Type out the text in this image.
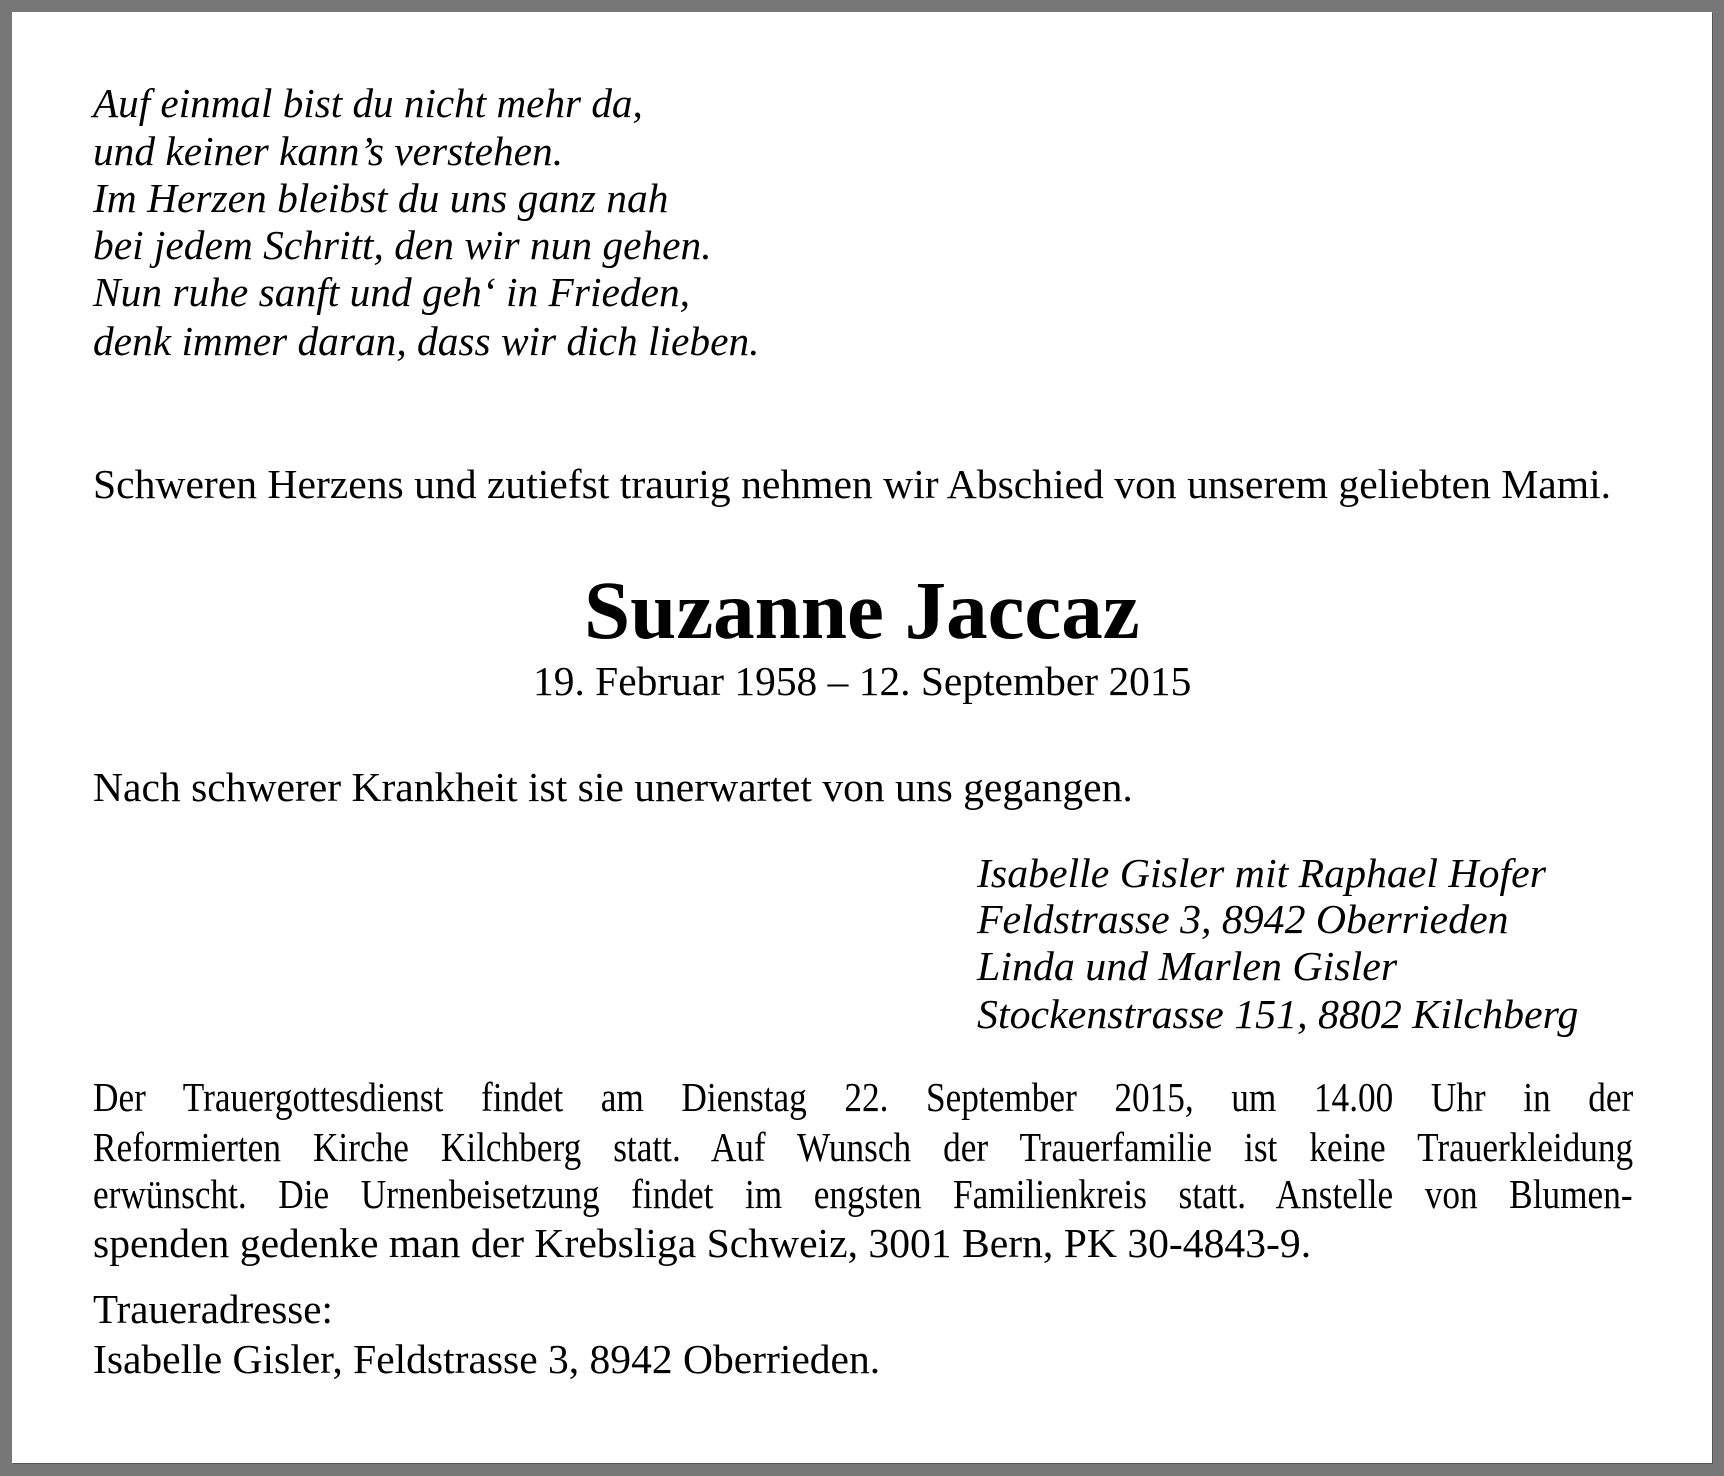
Auf einmal bist du nicht mehr da,
und keiner kann’s verstehen.
Im Herzen bleibst du uns ganz nah
bei jedem Schritt, den wir nun gehen.
Nun ruhe sanft und geh‘ in Frieden,
denk immer daran, dass wir dich lieben.
Schweren Herzens und zutiefst traurig nehmen wir Abschied von unserem geliebten Mami.
Suzanne Jaccaz
19. Februar 1958 – 12. September 2015
Nach schwerer Krankheit ist sie unerwartet von uns gegangen.
Isabelle Gisler mit Raphael Hofer
Feldstrasse 3, 8942 Oberrieden
Linda und Marlen Gisler
Stockenstrasse 151, 8802 Kilchberg
Der Trauergottesdienst findet am Dienstag 22. September 2015, um 14.00 Uhr in der
Reformierten Kirche Kilchberg statt. Auf Wunsch der Trauerfamilie ist keine Trauerkleidung
erwünscht. Die Urnenbeisetzung findet im engsten Familienkreis statt. Anstelle von Blumen-
spenden gedenke man der Krebsliga Schweiz, 3001 Bern, PK 30-4843-9.
Traueradresse:
Isabelle Gisler, Feldstrasse 3, 8942 Oberrieden.
